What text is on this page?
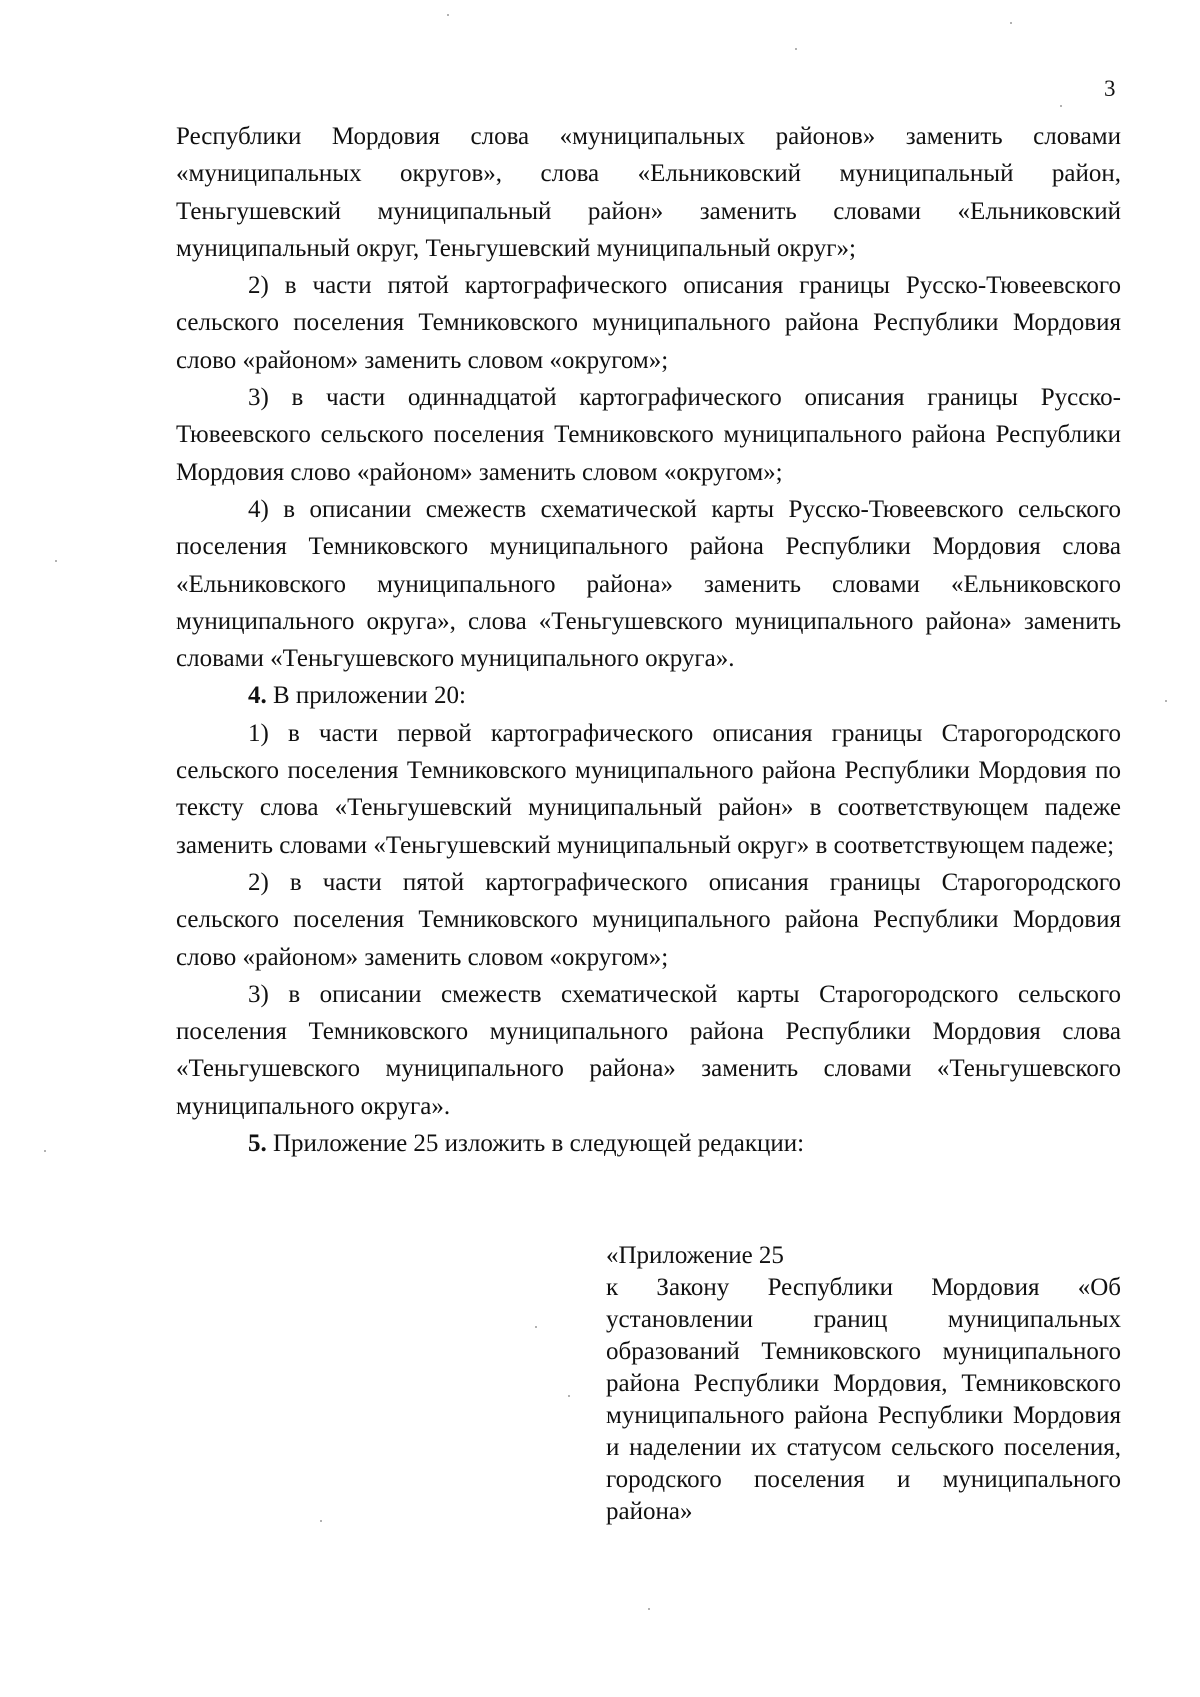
3

Республики Мордовия слова «муниципальных районов» заменить словами «муниципальных округов», слова «Ельниковский муниципальный район, Теньгушевский муниципальный район» заменить словами «Ельниковский муниципальный округ, Теньгушевский муниципальный округ»;

2) в части пятой картографического описания границы Русско-Тювеевского сельского поселения Темниковского муниципального района Республики Мордовия слово «районом» заменить словом «округом»;

3) в части одиннадцатой картографического описания границы Русско-Тювеевского сельского поселения Темниковского муниципального района Республики Мордовия слово «районом» заменить словом «округом»;

4) в описании смежеств схематической карты Русско-Тювеевского сельского поселения Темниковского муниципального района Республики Мордовия слова «Ельниковского муниципального района» заменить словами «Ельниковского муниципального округа», слова «Теньгушевского муниципального района» заменить словами «Теньгушевского муниципального округа».

4. В приложении 20:

1) в части первой картографического описания границы Старогородского сельского поселения Темниковского муниципального района Республики Мордовия по тексту слова «Теньгушевский муниципальный район» в соответствующем падеже заменить словами «Теньгушевский муниципальный округ» в соответствующем падеже;

2) в части пятой картографического описания границы Старогородского сельского поселения Темниковского муниципального района Республики Мордовия слово «районом» заменить словом «округом»;

3) в описании смежеств схематической карты Старогородского сельского поселения Темниковского муниципального района Республики Мордовия слова «Теньгушевского муниципального района» заменить словами «Теньгушевского муниципального округа».

5. Приложение 25 изложить в следующей редакции:

«Приложение 25

к Закону Республики Мордовия «Об установлении границ муниципальных образований Темниковского муниципального района Республики Мордовия, Темниковского муниципального района Республики Мордовия и наделении их статусом сельского поселения, городского поселения и муниципального района»
